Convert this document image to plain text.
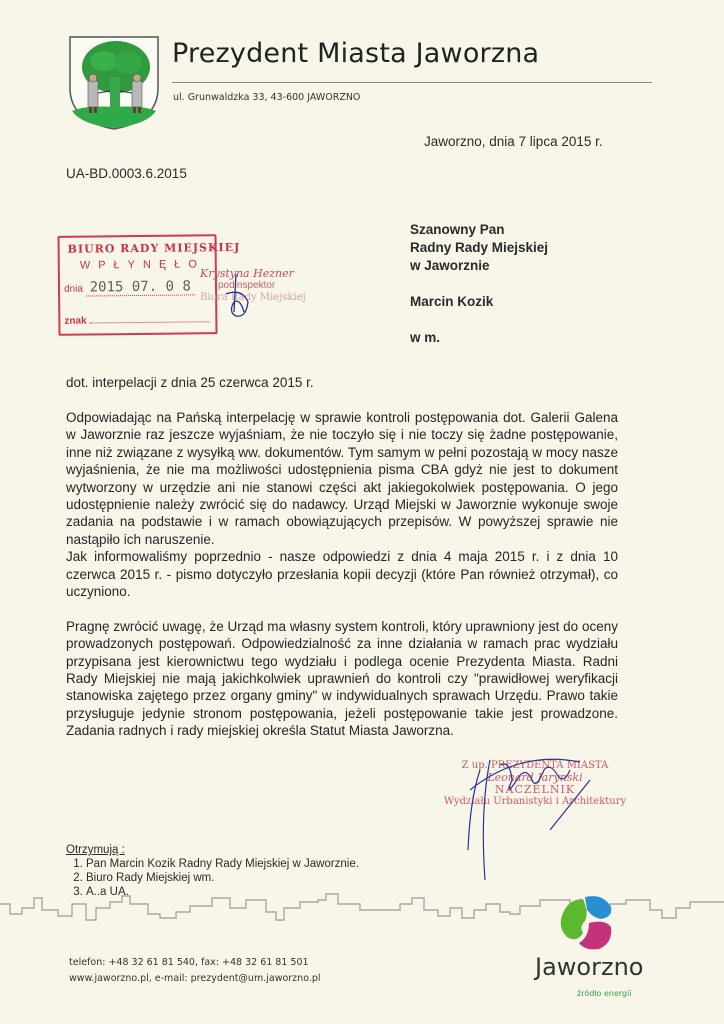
Prezydent Miasta Jaworzna
ul. Grunwaldzka 33, 43-600 JAWORZNO
Jaworzno, dnia 7 lipca 2015 r.
UA-BD.0003.6.2015
Szanowny Pan
Radny Rady Miejskiej
w Jaworznie
Marcin Kozik
w m.
BIURO RADY MIEJSKIEJ
WPŁYNĘŁO
dnia 2015 07. 0 8
znak
Krystyna Hezner
podinspektor
Biura Rady Miejskiej
dot. interpelacji z dnia 25 czerwca 2015 r.

Odpowiadając na Pańską interpelację w sprawie kontroli postępowania dot. Galerii Galena w Jaworznie raz jeszcze wyjaśniam, że nie toczyło się i nie toczy się żadne postępowanie, inne niż związane z wysyłką ww. dokumentów. Tym samym w pełni pozostają w mocy nasze wyjaśnienia, że nie ma możliwości udostępnienia pisma CBA gdyż nie jest to dokument wytworzony w urzędzie ani nie stanowi części akt jakiegokolwiek postępowania. O jego udostępnienie należy zwrócić się do nadawcy. Urząd Miejski w Jaworznie wykonuje swoje zadania na podstawie i w ramach obowiązujących przepisów. W powyższej sprawie nie nastąpiło ich naruszenie.

Jak informowaliśmy poprzednio - nasze odpowiedzi z dnia 4 maja 2015 r. i z dnia 10 czerwca 2015 r. - pismo dotyczyło przesłania kopii decyzji (które Pan również otrzymał), co uczyniono.

Pragnę zwrócić uwagę, że Urząd ma własny system kontroli, który uprawniony jest do oceny prowadzonych postępowań. Odpowiedzialność za inne działania w ramach prac wydziału przypisana jest kierownictwu tego wydziału i podlega ocenie Prezydenta Miasta. Radni Rady Miejskiej nie mają jakichkolwiek uprawnień do kontroli czy "prawidłowej weryfikacji stanowiska zajętego przez organy gminy" w indywidualnych sprawach Urzędu. Prawo takie przysługuje jedynie stronom postępowania, jeżeli postępowanie takie jest prowadzone. Zadania radnych i rady miejskiej określa Statut Miasta Jaworzna.

Z up. PREZYDENTA MIASTA
Leonard Jarynski
NACZELNIK
Wydziału Urbanistyki i Architektury
Otrzymują :
1. Pan Marcin Kozik Radny Rady Miejskiej w Jaworznie.
2. Biuro Rady Miejskiej wm.
3. A..a UA.
telefon: +48 32 61 81 540, fax: +48 32 61 81 501
www.jaworzno.pl, e-mail: prezydent@um.jaworzno.pl	Jaworzno
źródło energii
